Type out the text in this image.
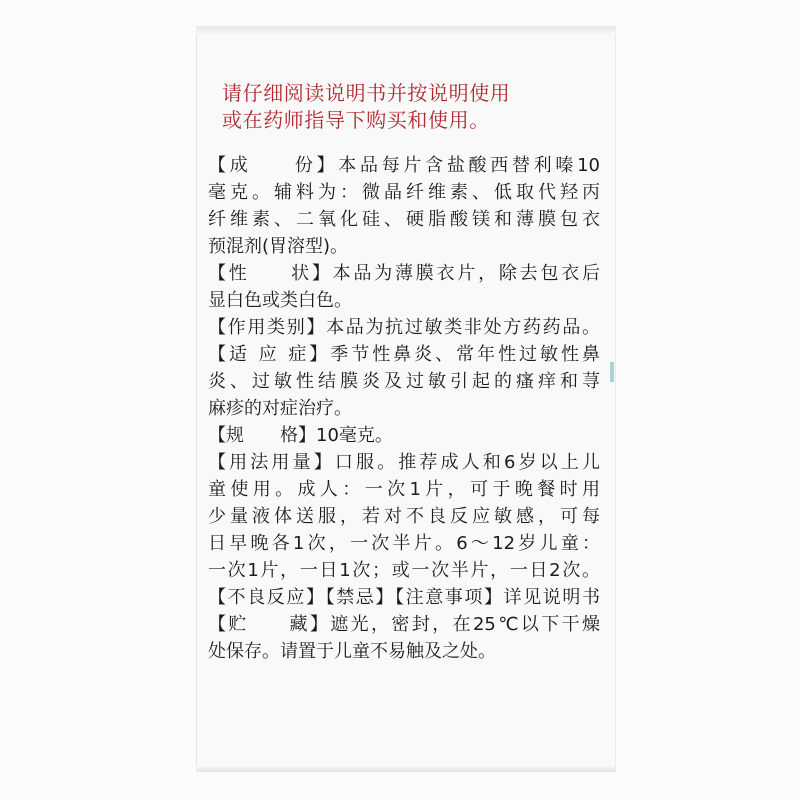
请仔细阅读说明书并按说明使用
或在药师指导下购买和使用。
【成　　份】本品每片含盐酸西替利嗪10
毫克。辅料为：微晶纤维素、低取代羟丙
纤维素、二氧化硅、硬脂酸镁和薄膜包衣
预混剂(胃溶型)。
【性　　状】本品为薄膜衣片，除去包衣后
显白色或类白色。
【作用类别】本品为抗过敏类非处方药药品。
【适 应 症】季节性鼻炎、常年性过敏性鼻
炎、过敏性结膜炎及过敏引起的瘙痒和荨
麻疹的对症治疗。
【规　　格】10毫克。
【用法用量】口服。推荐成人和6岁以上儿
童使用。成人：一次1片，可于晚餐时用
少量液体送服，若对不良反应敏感，可每
日早晚各1次，一次半片。6～12岁儿童：
一次1片，一日1次；或一次半片，一日2次。
【不良反应】【禁忌】【注意事项】详见说明书
【贮　　藏】遮光，密封，在25℃以下干燥
处保存。请置于儿童不易触及之处。
